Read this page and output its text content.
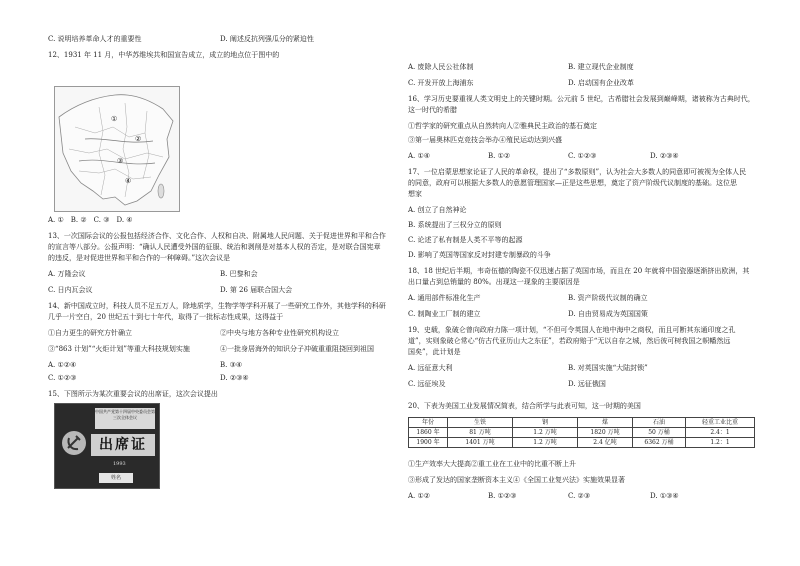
C. 说明培养革命人才的重要性	D. 阐述反抗列强瓜分的紧迫性
12、1931 年 11 月，中华苏维埃共和国宣告成立，成立的地点位于图中的
①
②
③
④
A. ①　B. ②　C. ③　D. ④
13、一次国际会议的公报包括经济合作、文化合作、人权和自决、附属地人民问题、关于促进世界和平和合作
的宣言等八部分。公报声明：“确认人民遭受外国的征服、统治和剥削是对基本人权的否定，是对联合国宪章
的违反，是对促进世界和平和合作的一种障碍。”这次会议是
A. 万隆会议	B. 巴黎和会
C. 日内瓦会议	D. 第 26 届联合国大会
14、新中国成立时，科技人员不足五万人，除地质学，生物学等学科开展了一些研究工作外，其他学科的科研
几乎一片空白，20 世纪五十到七十年代，取得了一批标志性成果，这得益于
①自力更生的研究方针确立	②中央与地方各种专业性研究机构设立
③“863 计划”“火炬计划”等重大科技规划实施	④一批身居海外的知识分子冲破重重阻挠回到祖国
A. ①②④	B. ③④
C. ①②③	D. ②③④
15、下图所示为某次重要会议的出席证，这次会议提出
中国共产党第十四届中央委员会第三次全体会议
出席证
1993
姓名
A. 废除人民公社体制	B. 建立现代企业制度
C. 开发开放上海浦东	D. 启动国有企业改革
16、学习历史要重视人类文明史上的关键时期。公元前 5 世纪，古希腊社会发展到巅峰期，诸被称为古典时代，
这一时代的希腊
①哲学家的研究重点从自然转向人②雅典民主政治的基石奠定
③第一届奥林匹克竞技会举办④殖民运动达到兴盛
A. ①④	B. ①②	C. ①②③	D. ②③④
17、一位启蒙思想家论证了人民的革命权，提出了“多数原则”，认为社会大多数人的同意即可被视为全体人民
的同意，政府可以根据大多数人的意愿管理国家—正是这些思想，奠定了资产阶级代议制度的基础。这位思
想家
A. 创立了自然神论
B. 系统提出了三权分立的原则
C. 论述了私有制是人类不平等的起源
D. 影响了英国等国家反对封建专制暴政的斗争
18、18 世纪后半期，韦奇伍德的陶瓷不仅迅速占据了英国市场，而且在 20 年就将中国瓷器逐渐挤出欧洲，其
出口量占到总销量的 80%。出现这一现象的主要原因是
A. 通用部件标准化生产	B. 资产阶级代议制的确立
C. 制陶业工厂制的建立	D. 自由贸易成为英国国策
19、史载，象破仑曾向政府力陈一项计划，“不但可令英国人在地中海中之商权，而且可断其东通印度之孔
道”，实则象破仑常心“仿古代亚历山大之东征”，若政府赔于“无以自存之城，然后彼可树我国之帜幡然远
国矣”，此计划是
A. 远征意大利	B. 对英国实施“大陆封锁”
C. 远征埃及	D. 远征俄国
20、下表为美国工业发展情况简表，结合所学与此表可知，这一时期的美国
年份	生铁	钢	煤	石油	轻重工业比重
1860 年	81 万吨	1.2 万吨	1820 万吨	50 万桶	2.4：1
1900 年	1401 万吨	1.2 万吨	2.4 亿吨	6362 万桶	1.2：1
①生产效率大大提高②重工业在工业中的比重不断上升
③形成了发达的国家垄断资本主义④《全国工业复兴法》实施效果显著
A. ①②	B. ①②③	C. ②③	D. ①③④
